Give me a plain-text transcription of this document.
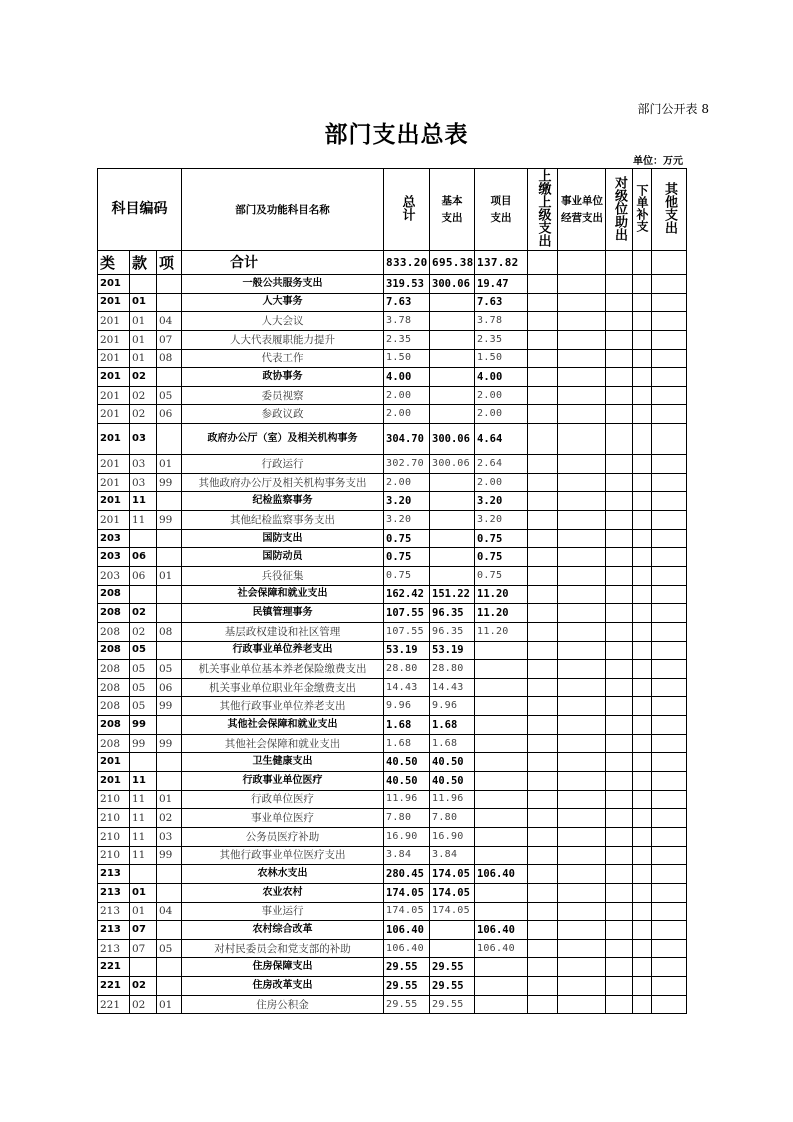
部门公开表 8
部门支出总表
单位：万元
科目编码			部门及功能科目名称	总计	基本支出	项目支出	上缴上级支出	事业单位经营支出	对级位助出	下单补支	其他支出
类	款	项	合计	833.20	695.38	137.82					
201			一般公共服务支出	319.53	300.06	19.47					
201	01		人大事务	7.63		7.63					
201	01	04	人大会议	3.78		3.78					
201	01	07	人大代表履职能力提升	2.35		2.35					
201	01	08	代表工作	1.50		1.50					
201	02		政协事务	4.00		4.00					
201	02	05	委员视察	2.00		2.00					
201	02	06	参政议政	2.00		2.00					
201	03		政府办公厅（室）及相关机构事务	304.70	300.06	4.64					
201	03	01	行政运行	302.70	300.06	2.64					
201	03	99	其他政府办公厅及相关机构事务支出	2.00		2.00					
201	11		纪检监察事务	3.20		3.20					
201	11	99	其他纪检监察事务支出	3.20		3.20					
203			国防支出	0.75		0.75					
203	06		国防动员	0.75		0.75					
203	06	01	兵役征集	0.75		0.75					
208			社会保障和就业支出	162.42	151.22	11.20					
208	02		民镇管理事务	107.55	96.35	11.20					
208	02	08	基层政权建设和社区管理	107.55	96.35	11.20					
208	05		行政事业单位养老支出	53.19	53.19						
208	05	05	机关事业单位基本养老保险缴费支出	28.80	28.80						
208	05	06	机关事业单位职业年金缴费支出	14.43	14.43						
208	05	99	其他行政事业单位养老支出	9.96	9.96						
208	99		其他社会保障和就业支出	1.68	1.68						
208	99	99	其他社会保障和就业支出	1.68	1.68						
201			卫生健康支出	40.50	40.50						
201	11		行政事业单位医疗	40.50	40.50						
210	11	01	行政单位医疗	11.96	11.96						
210	11	02	事业单位医疗	7.80	7.80						
210	11	03	公务员医疗补助	16.90	16.90						
210	11	99	其他行政事业单位医疗支出	3.84	3.84						
213			农林水支出	280.45	174.05	106.40					
213	01		农业农村	174.05	174.05						
213	01	04	事业运行	174.05	174.05						
213	07		农村综合改革	106.40		106.40					
213	07	05	对村民委员会和党支部的补助	106.40		106.40					
221			住房保障支出	29.55	29.55						
221	02		住房改革支出	29.55	29.55						
221	02	01	住房公积金	29.55	29.55						
